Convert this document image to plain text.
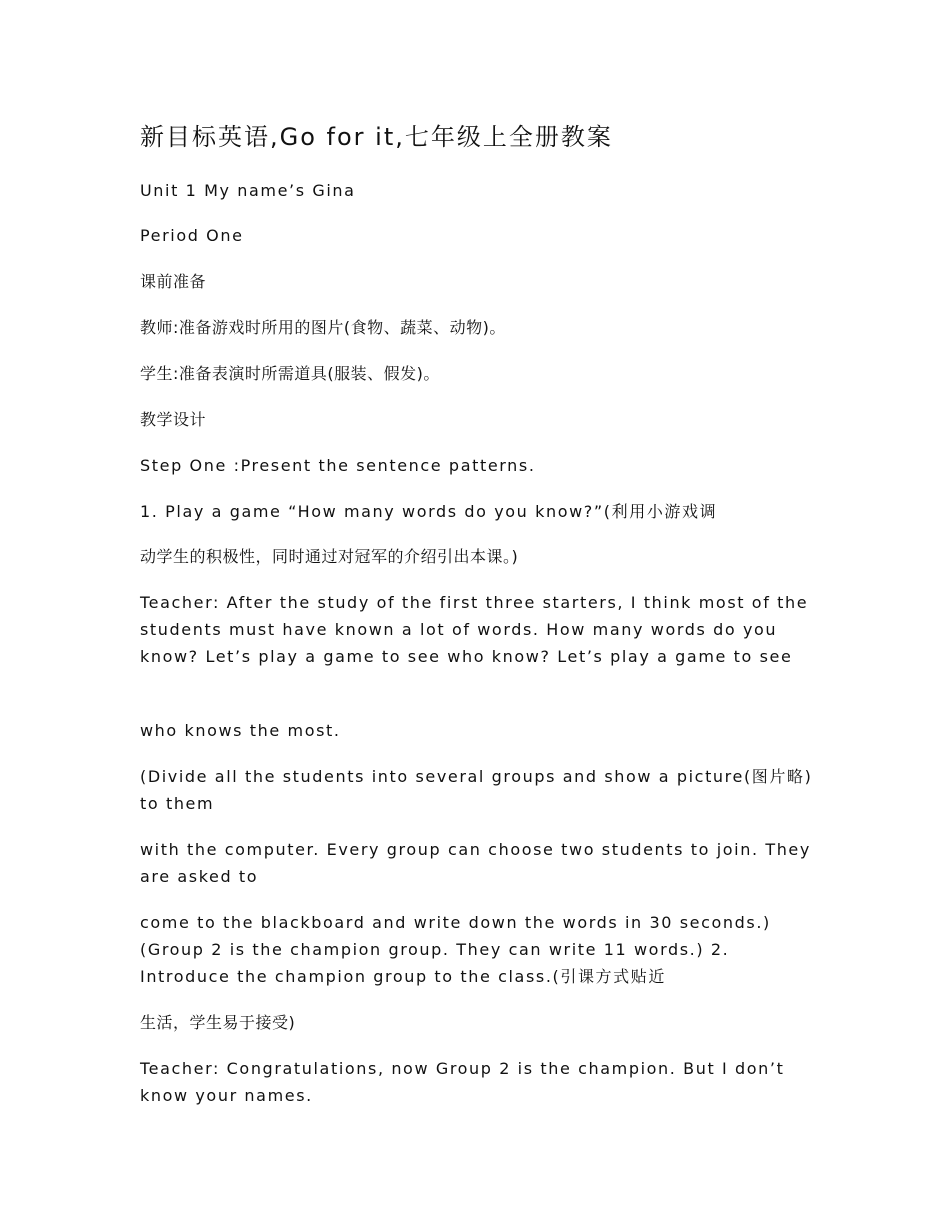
新目标英语,Go for it,七年级上全册教案

Unit 1 My name’s Gina

Period One

课前准备

教师:准备游戏时所用的图片(食物、蔬菜、动物)。

学生:准备表演时所需道具(服装、假发)。

教学设计

Step One :Present the sentence patterns.

1. Play a game “How many words do you know?”(利用小游戏调

动学生的积极性，同时通过对冠军的介绍引出本课。)

Teacher: After the study of the first three starters, I think most of the students must have known a lot of words. How many words do you know? Let’s play a game to see who know? Let’s play a game to see

who knows the most.

(Divide all the students into several groups and show a picture(图片略) to them

with the computer. Every group can choose two students to join. They are asked to

come to the blackboard and write down the words in 30 seconds.) (Group 2 is the champion group. They can write 11 words.) 2. Introduce the champion group to the class.(引课方式贴近

生活，学生易于接受)

Teacher: Congratulations, now Group 2 is the champion. But I don’t know your names.
